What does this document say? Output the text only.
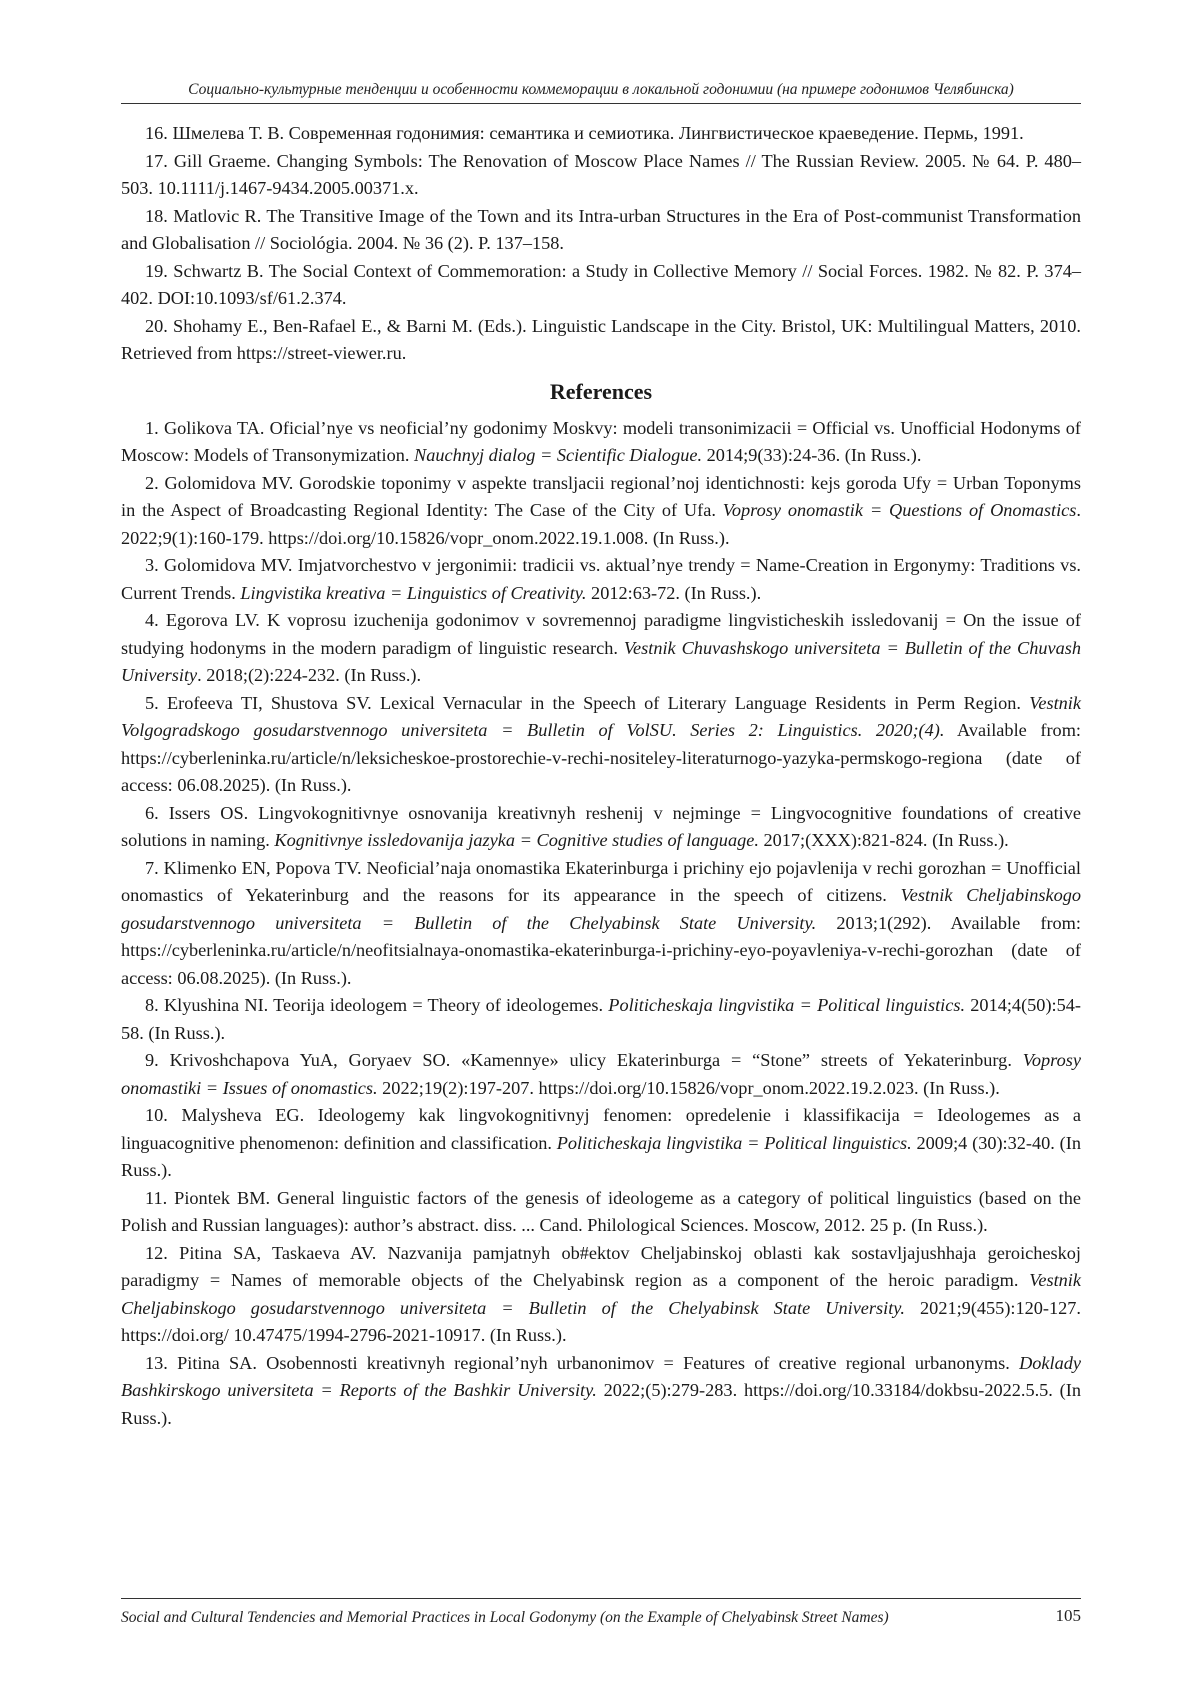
Социально-культурные тенденции и особенности коммеморации в локальной годонимии (на примере годонимов Челябинска)

16. Шмелева Т. В. Современная годонимия: семантика и семиотика. Лингвистическое краеведение. Пермь, 1991.

17. Gill Graeme. Changing Symbols: The Renovation of Moscow Place Names // The Russian Review. 2005. № 64. P. 480–503. 10.1111/j.1467-9434.2005.00371.x.

18. Matlovic R. The Transitive Image of the Town and its Intra-urban Structures in the Era of Post-communist Transformation and Globalisation // Sociológia. 2004. № 36 (2). P. 137–158.

19. Schwartz B. The Social Context of Commemoration: a Study in Collective Memory // Social Forces. 1982. № 82. P. 374–402. DOI:10.1093/sf/61.2.374.

20. Shohamy E., Ben-Rafael E., & Barni M. (Eds.). Linguistic Landscape in the City. Bristol, UK: Multilingual Matters, 2010. Retrieved from https://street-viewer.ru.

References

1. Golikova TA. Oficial’nye vs neoficial’ny godonimy Moskvy: modeli transonimizacii = Official vs. Unofficial Hodonyms of Moscow: Models of Transonymization. Nauchnyj dialog = Scientific Dialogue. 2014;9(33):24-36. (In Russ.).

2. Golomidova MV. Gorodskie toponimy v aspekte transljacii regional’noj identichnosti: kejs goroda Ufy = Urban Toponyms in the Aspect of Broadcasting Regional Identity: The Case of the City of Ufa. Voprosy onomastik = Questions of Onomastics. 2022;9(1):160-179. https://doi.org/10.15826/vopr_onom.2022.19.1.008. (In Russ.).

3. Golomidova MV. Imjatvorchestvo v jergonimii: tradicii vs. aktual’nye trendy = Name-Creation in Ergonymy: Traditions vs. Current Trends. Lingvistika kreativa = Linguistics of Creativity. 2012:63-72. (In Russ.).

4. Egorova LV. K voprosu izuchenija godonimov v sovremennoj paradigme lingvisticheskih issledovanij = On the issue of studying hodonyms in the modern paradigm of linguistic research. Vestnik Chuvashskogo universiteta = Bulletin of the Chuvash University. 2018;(2):224-232. (In Russ.).

5. Erofeeva TI, Shustova SV. Lexical Vernacular in the Speech of Literary Language Residents in Perm Region. Vestnik Volgogradskogo gosudarstvennogo universiteta = Bulletin of VolSU. Series 2: Linguistics. 2020;(4). Available from: https://cyberleninka.ru/article/n/leksicheskoe-prostorechie-v-rechi-nositeley-literaturnogo-yazyka-permskogo-regiona (date of access: 06.08.2025). (In Russ.).

6. Issers OS. Lingvokognitivnye osnovanija kreativnyh reshenij v nejminge = Lingvocognitive foundations of creative solutions in naming. Kognitivnye issledovanija jazyka = Cognitive studies of language. 2017;(XXX):821-824. (In Russ.).

7. Klimenko EN, Popova TV. Neoficial’naja onomastika Ekaterinburga i prichiny ejo pojavlenija v rechi gorozhan = Unofficial onomastics of Yekaterinburg and the reasons for its appearance in the speech of citizens. Vestnik Cheljabinskogo gosudarstvennogo universiteta = Bulletin of the Chelyabinsk State University. 2013;1(292). Available from: https://cyberleninka.ru/article/n/neofitsialnaya-onomastika-ekaterinburga-i-prichiny-eyo-poyavleniya-v-rechi-gorozhan (date of access: 06.08.2025). (In Russ.).

8. Klyushina NI. Teorija ideologem = Theory of ideologemes. Politicheskaja lingvistika = Political linguistics. 2014;4(50):54-58. (In Russ.).

9. Krivoshchapova YuA, Goryaev SO. «Kamennye» ulicy Ekaterinburga = “Stone” streets of Yekaterinburg. Voprosy onomastiki = Issues of onomastics. 2022;19(2):197-207. https://doi.org/10.15826/vopr_onom.2022.19.2.023. (In Russ.).

10. Malysheva EG. Ideologemy kak lingvokognitivnyj fenomen: opredelenie i klassifikacija = Ideologemes as a linguacognitive phenomenon: definition and classification. Politicheskaja lingvistika = Political linguistics. 2009;4 (30):32-40. (In Russ.).

11. Piontek BM. General linguistic factors of the genesis of ideologeme as a category of political linguistics (based on the Polish and Russian languages): author’s abstract. diss. ... Cand. Philological Sciences. Moscow, 2012. 25 p. (In Russ.).

12. Pitina SA, Taskaeva AV. Nazvanija pamjatnyh ob#ektov Cheljabinskoj oblasti kak sostavljajushhaja geroicheskoj paradigmy = Names of memorable objects of the Chelyabinsk region as a component of the heroic paradigm. Vestnik Cheljabinskogo gosudarstvennogo universiteta = Bulletin of the Chelyabinsk State University. 2021;9(455):120-127. https://doi.org/ 10.47475/1994-2796-2021-10917. (In Russ.).

13. Pitina SA. Osobennosti kreativnyh regional’nyh urbanonimov = Features of creative regional urbanonyms. Doklady Bashkirskogo universiteta = Reports of the Bashkir University. 2022;(5):279-283. https://doi.org/10.33184/dokbsu-2022.5.5. (In Russ.).

Social and Cultural Tendencies and Memorial Practices in Local Godonymy (on the Example of Chelyabinsk Street Names)	105
